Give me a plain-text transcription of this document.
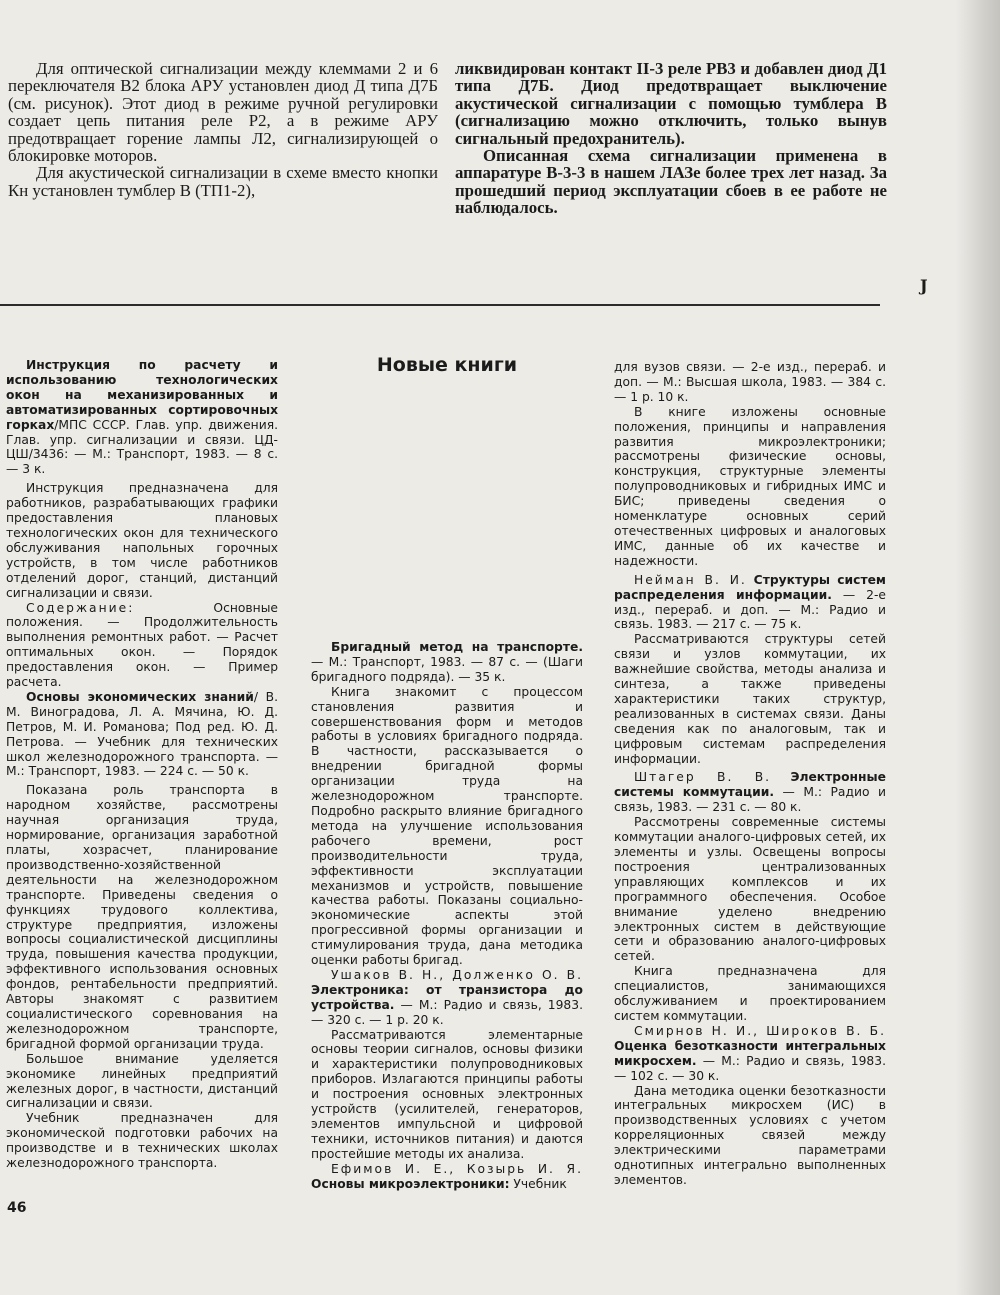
Для оптической сигнализации между клеммами 2 и 6 переключателя В2 блока АРУ установлен диод Д типа Д7Б (см. рисунок). Этот диод в режиме ручной регулировки создает цепь питания реле Р2, а в режиме АРУ предотвращает горение лампы Л2, сигнализирующей о блокировке моторов.

Для акустической сигнализации в схеме вместо кнопки Кн установлен тумблер В (ТП1-2),

ликвидирован контакт II-3 реле РВ3 и добавлен диод Д1 типа Д7Б. Диод предотвращает выключение акустической сигнализации с помощью тумблера В (сигнализацию можно отключить, только вынув сигнальный предохранитель).

Описанная схема сигнализации применена в аппаратуре В-3-3 в нашем ЛАЗе более трех лет назад. За прошедший период эксплуатации сбоев в ее работе не наблюдалось.

J

Инструкция по расчету и использованию технологических окон на механизированных и автоматизированных сортировочных горках/МПС СССР. Глав. упр. движения. Глав. упр. сигнализации и связи. ЦД-ЦШ/3436: — М.: Транспорт, 1983. — 8 с. — 3 к.

Инструкция предназначена для работников, разрабатывающих графики предоставления плановых технологических окон для технического обслуживания напольных горочных устройств, в том числе работников отделений дорог, станций, дистанций сигнализации и связи.

Содержание: Основные положения. — Продолжительность выполнения ремонтных работ. — Расчет оптимальных окон. — Порядок предоставления окон. — Пример расчета.

Основы экономических знаний/ В. М. Виноградова, Л. А. Мячина, Ю. Д. Петров, М. И. Романова; Под ред. Ю. Д. Петрова. — Учебник для технических школ железнодорожного транспорта. — М.: Транспорт, 1983. — 224 с. — 50 к.

Показана роль транспорта в народном хозяйстве, рассмотрены научная организация труда, нормирование, организация заработной платы, хозрасчет, планирование производственно-хозяйственной деятельности на железнодорожном транспорте. Приведены сведения о функциях трудового коллектива, структуре предприятия, изложены вопросы социалистической дисциплины труда, повышения качества продукции, эффективного использования основных фондов, рентабельности предприятий. Авторы знакомят с развитием социалистического соревнования на железнодорожном транспорте, бригадной формой организации труда.

Большое внимание уделяется экономике линейных предприятий железных дорог, в частности, дистанций сигнализации и связи.

Учебник предназначен для экономической подготовки рабочих на производстве и в технических школах железнодорожного транспорта.

Новые книги

Бригадный метод на транспорте. — М.: Транспорт, 1983. — 87 с. — (Шаги бригадного подряда). — 35 к.

Книга знакомит с процессом становления развития и совершенствования форм и методов работы в условиях бригадного подряда. В частности, рассказывается о внедрении бригадной формы организации труда на железнодорожном транспорте. Подробно раскрыто влияние бригадного метода на улучшение использования рабочего времени, рост производительности труда, эффективности эксплуатации механизмов и устройств, повышение качества работы. Показаны социально-экономические аспекты этой прогрессивной формы организации и стимулирования труда, дана методика оценки работы бригад.

Ушаков В. Н., Долженко О. В. Электроника: от транзистора до устройства. — М.: Радио и связь, 1983. — 320 с. — 1 р. 20 к.

Рассматриваются элементарные основы теории сигналов, основы физики и характеристики полупроводниковых приборов. Излагаются принципы работы и построения основных электронных устройств (усилителей, генераторов, элементов импульсной и цифровой техники, источников питания) и даются простейшие методы их анализа.

Ефимов И. Е., Козырь И. Я. Основы микроэлектроники: Учебник

для вузов связи. — 2-е изд., перераб. и доп. — М.: Высшая школа, 1983. — 384 с. — 1 р. 10 к.

В книге изложены основные положения, принципы и направления развития микроэлектроники; рассмотрены физические основы, конструкция, структурные элементы полупроводниковых и гибридных ИМС и БИС; приведены сведения о номенклатуре основных серий отечественных цифровых и аналоговых ИМС, данные об их качестве и надежности.

Нейман В. И. Структуры систем распределения информации. — 2-е изд., перераб. и доп. — М.: Радио и связь. 1983. — 217 с. — 75 к.

Рассматриваются структуры сетей связи и узлов коммутации, их важнейшие свойства, методы анализа и синтеза, а также приведены характеристики таких структур, реализованных в системах связи. Даны сведения как по аналоговым, так и цифровым системам распределения информации.

Штагер В. В. Электронные системы коммутации. — М.: Радио и связь, 1983. — 231 с. — 80 к.

Рассмотрены современные системы коммутации аналого-цифровых сетей, их элементы и узлы. Освещены вопросы построения централизованных управляющих комплексов и их программного обеспечения. Особое внимание уделено внедрению электронных систем в действующие сети и образованию аналого-цифровых сетей.

Книга предназначена для специалистов, занимающихся обслуживанием и проектированием систем коммутации.

Смирнов Н. И., Широков В. Б. Оценка безотказности интегральных микросхем. — М.: Радио и связь, 1983. — 102 с. — 30 к.

Дана методика оценки безотказности интегральных микросхем (ИС) в производственных условиях с учетом корреляционных связей между электрическими параметрами однотипных интегрально выполненных элементов.

46
